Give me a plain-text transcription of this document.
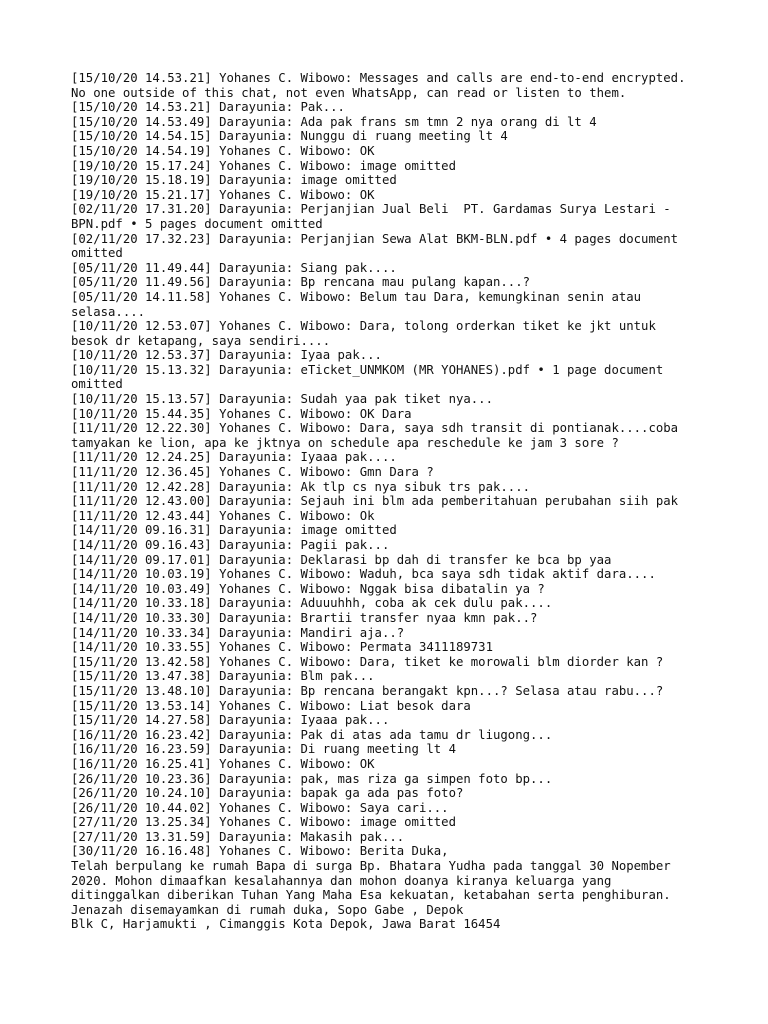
[15/10/20 14.53.21] Yohanes C. Wibowo: Messages and calls are end-to-end encrypted.
No one outside of this chat, not even WhatsApp, can read or listen to them.
[15/10/20 14.53.21] Darayunia: Pak...
[15/10/20 14.53.49] Darayunia: Ada pak frans sm tmn 2 nya orang di lt 4
[15/10/20 14.54.15] Darayunia: Nunggu di ruang meeting lt 4
[15/10/20 14.54.19] Yohanes C. Wibowo: OK
[19/10/20 15.17.24] Yohanes C. Wibowo: image omitted
[19/10/20 15.18.19] Darayunia: image omitted
[19/10/20 15.21.17] Yohanes C. Wibowo: OK
[02/11/20 17.31.20] Darayunia: Perjanjian Jual Beli  PT. Gardamas Surya Lestari -
BPN.pdf • 5 pages document omitted
[02/11/20 17.32.23] Darayunia: Perjanjian Sewa Alat BKM-BLN.pdf • 4 pages document
omitted
[05/11/20 11.49.44] Darayunia: Siang pak....
[05/11/20 11.49.56] Darayunia: Bp rencana mau pulang kapan...?
[05/11/20 14.11.58] Yohanes C. Wibowo: Belum tau Dara, kemungkinan senin atau
selasa....
[10/11/20 12.53.07] Yohanes C. Wibowo: Dara, tolong orderkan tiket ke jkt untuk
besok dr ketapang, saya sendiri....
[10/11/20 12.53.37] Darayunia: Iyaa pak...
[10/11/20 15.13.32] Darayunia: eTicket_UNMKOM (MR YOHANES).pdf • 1 page document
omitted
[10/11/20 15.13.57] Darayunia: Sudah yaa pak tiket nya...
[10/11/20 15.44.35] Yohanes C. Wibowo: OK Dara
[11/11/20 12.22.30] Yohanes C. Wibowo: Dara, saya sdh transit di pontianak....coba
tamyakan ke lion, apa ke jktnya on schedule apa reschedule ke jam 3 sore ?
[11/11/20 12.24.25] Darayunia: Iyaaa pak....
[11/11/20 12.36.45] Yohanes C. Wibowo: Gmn Dara ?
[11/11/20 12.42.28] Darayunia: Ak tlp cs nya sibuk trs pak....
[11/11/20 12.43.00] Darayunia: Sejauh ini blm ada pemberitahuan perubahan siih pak
[11/11/20 12.43.44] Yohanes C. Wibowo: Ok
[14/11/20 09.16.31] Darayunia: image omitted
[14/11/20 09.16.43] Darayunia: Pagii pak...
[14/11/20 09.17.01] Darayunia: Deklarasi bp dah di transfer ke bca bp yaa
[14/11/20 10.03.19] Yohanes C. Wibowo: Waduh, bca saya sdh tidak aktif dara....
[14/11/20 10.03.49] Yohanes C. Wibowo: Nggak bisa dibatalin ya ?
[14/11/20 10.33.18] Darayunia: Aduuuhhh, coba ak cek dulu pak....
[14/11/20 10.33.30] Darayunia: Brartii transfer nyaa kmn pak..?
[14/11/20 10.33.34] Darayunia: Mandiri aja..?
[14/11/20 10.33.55] Yohanes C. Wibowo: Permata 3411189731
[15/11/20 13.42.58] Yohanes C. Wibowo: Dara, tiket ke morowali blm diorder kan ?
[15/11/20 13.47.38] Darayunia: Blm pak...
[15/11/20 13.48.10] Darayunia: Bp rencana berangakt kpn...? Selasa atau rabu...?
[15/11/20 13.53.14] Yohanes C. Wibowo: Liat besok dara
[15/11/20 14.27.58] Darayunia: Iyaaa pak...
[16/11/20 16.23.42] Darayunia: Pak di atas ada tamu dr liugong...
[16/11/20 16.23.59] Darayunia: Di ruang meeting lt 4
[16/11/20 16.25.41] Yohanes C. Wibowo: OK
[26/11/20 10.23.36] Darayunia: pak, mas riza ga simpen foto bp...
[26/11/20 10.24.10] Darayunia: bapak ga ada pas foto?
[26/11/20 10.44.02] Yohanes C. Wibowo: Saya cari...
[27/11/20 13.25.34] Yohanes C. Wibowo: image omitted
[27/11/20 13.31.59] Darayunia: Makasih pak...
[30/11/20 16.16.48] Yohanes C. Wibowo: Berita Duka,
Telah berpulang ke rumah Bapa di surga Bp. Bhatara Yudha pada tanggal 30 Nopember
2020. Mohon dimaafkan kesalahannya dan mohon doanya kiranya keluarga yang
ditinggalkan diberikan Tuhan Yang Maha Esa kekuatan, ketabahan serta penghiburan.
Jenazah disemayamkan di rumah duka, Sopo Gabe , Depok
Blk C, Harjamukti , Cimanggis Kota Depok, Jawa Barat 16454
